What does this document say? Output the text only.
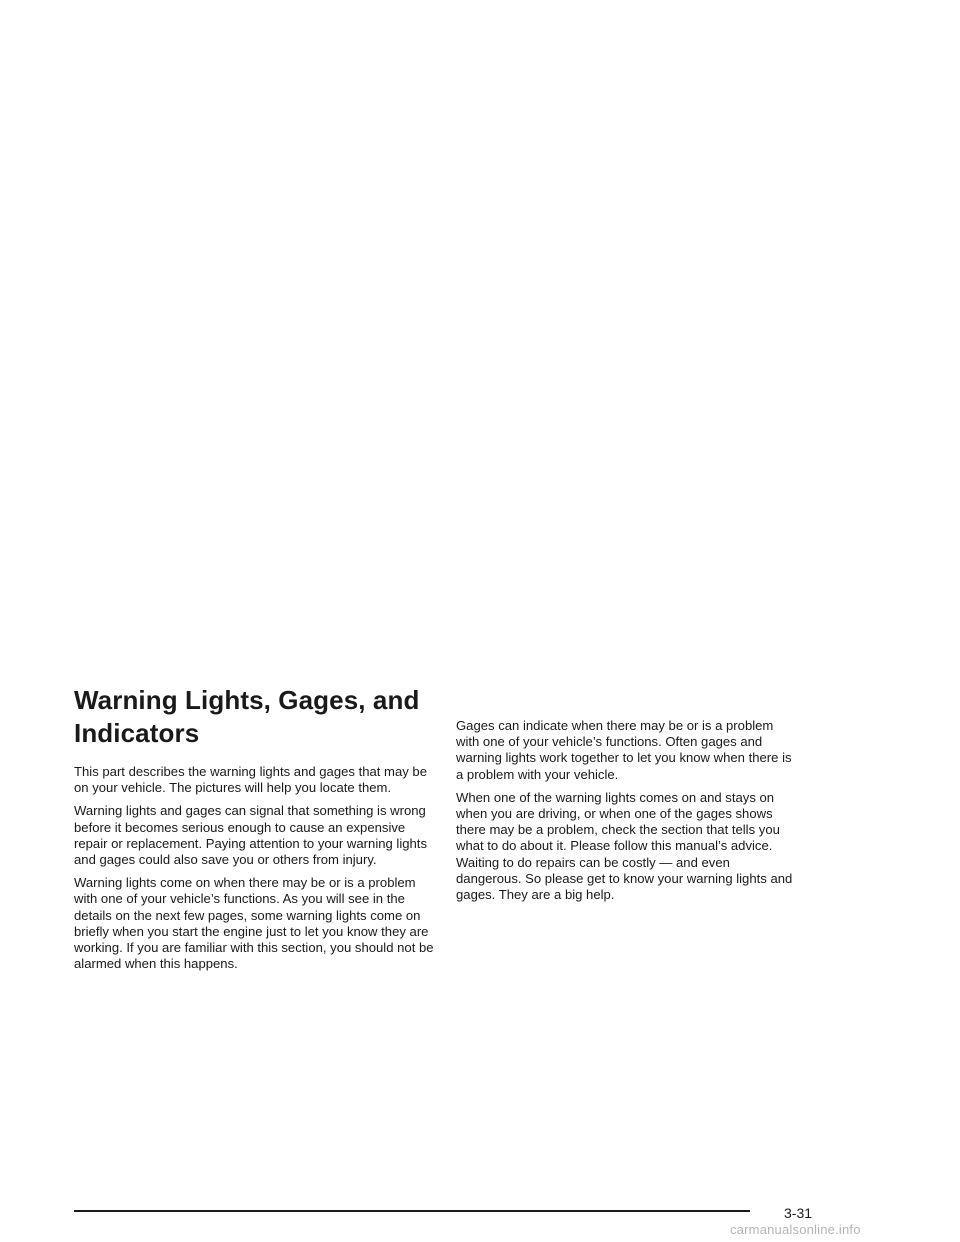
Warning Lights, Gages, and Indicators

This part describes the warning lights and gages that may be on your vehicle. The pictures will help you locate them.

Warning lights and gages can signal that something is wrong before it becomes serious enough to cause an expensive repair or replacement. Paying attention to your warning lights and gages could also save you or others from injury.

Warning lights come on when there may be or is a problem with one of your vehicle’s functions. As you will see in the details on the next few pages, some warning lights come on briefly when you start the engine just to let you know they are working. If you are familiar with this section, you should not be alarmed when this happens.

Gages can indicate when there may be or is a problem with one of your vehicle’s functions. Often gages and warning lights work together to let you know when there is a problem with your vehicle.

When one of the warning lights comes on and stays on when you are driving, or when one of the gages shows there may be a problem, check the section that tells you what to do about it. Please follow this manual’s advice. Waiting to do repairs can be costly — and even dangerous. So please get to know your warning lights and gages. They are a big help.

3-31
carmanualsonline.info
